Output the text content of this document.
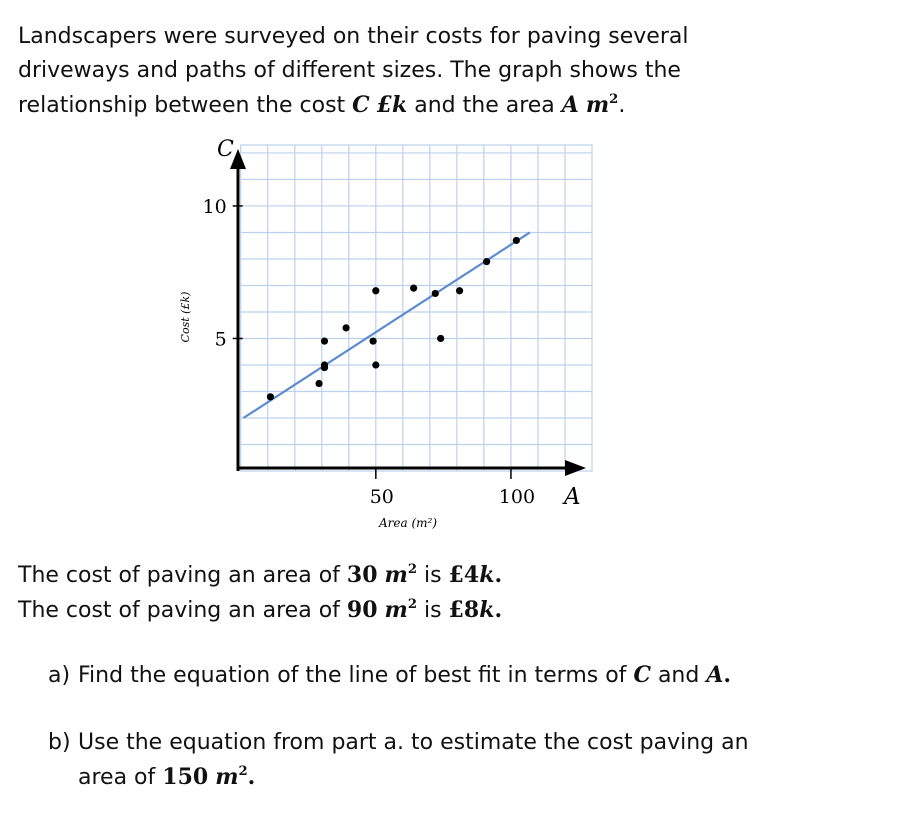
Landscapers were surveyed on their costs for paving several
driveways and paths of different sizes. The graph shows the
relationship between the cost C £k and the area A $m^2$.

A
C
Area (m²)
Cost (£k)
50	100
5
10

The cost of paving an area of 30 $m^2$ is £4k.
The cost of paving an area of 90 $m^2$ is £8k.

a) Find the equation of the line of best fit in terms of C and A.
b) Use the equation from part a. to estimate the cost paving an
area of 150 $m^2$.
